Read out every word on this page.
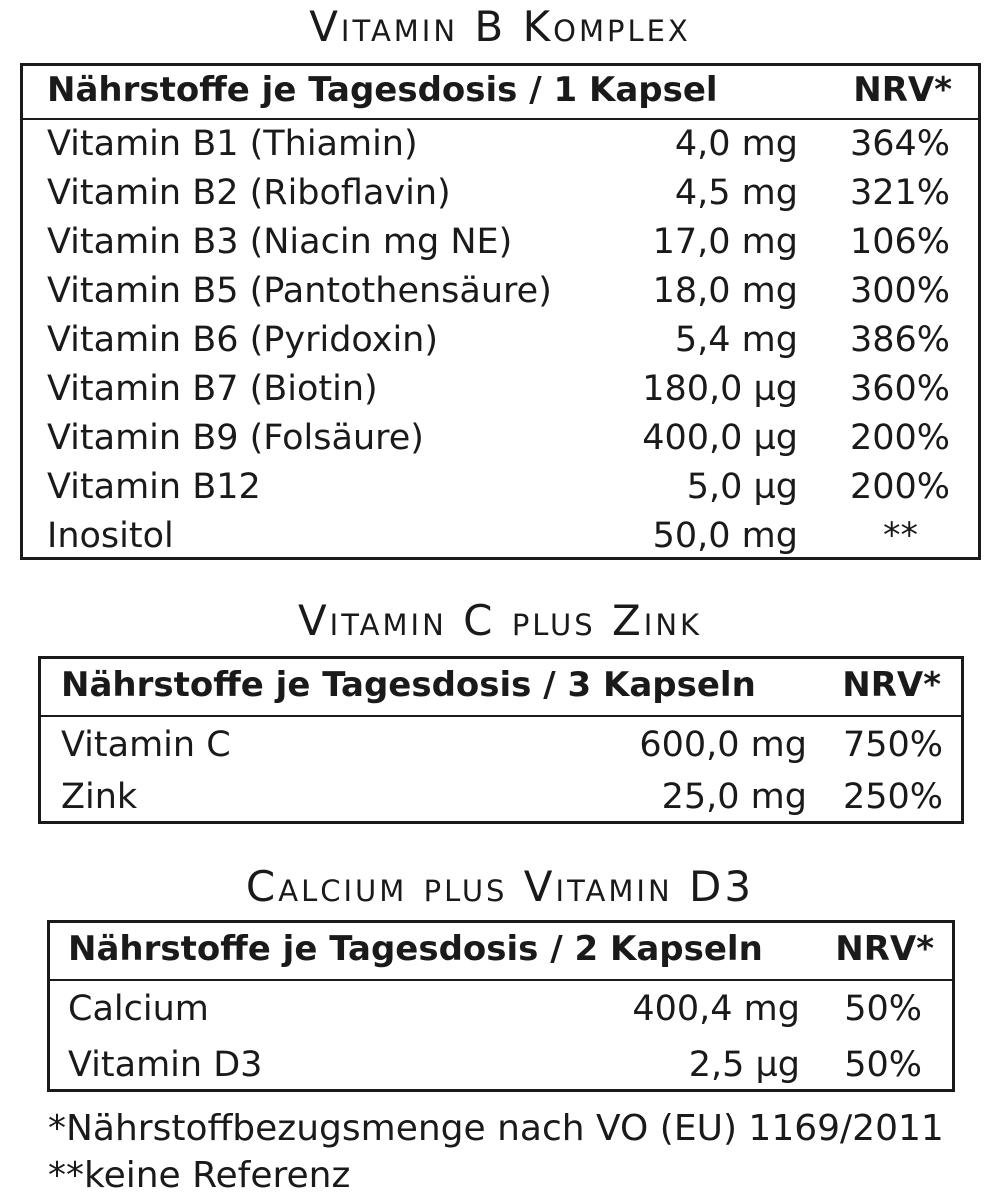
Vitamin B Komplex
Nährstoffe je Tagesdosis / 1 Kapsel	NRV*
Vitamin B1 (Thiamin)	4,0 mg 364%
Vitamin B2 (Riboflavin)	4,5 mg 321%
Vitamin B3 (Niacin mg NE)	17,0 mg 106%
Vitamin B5 (Pantothensäure)	18,0 mg 300%
Vitamin B6 (Pyridoxin)	5,4 mg 386%
Vitamin B7 (Biotin)	180,0 µg 360%
Vitamin B9 (Folsäure)	400,0 µg 200%
Vitamin B12	5,0 µg 200%
Inositol	50,0 mg **
Vitamin C plus Zink
Nährstoffe je Tagesdosis / 3 Kapseln	NRV*
Vitamin C	600,0 mg 750%
Zink	25,0 mg 250%
Calcium plus Vitamin D3
Nährstoffe je Tagesdosis / 2 Kapseln NRV*
Calcium	400,4 mg 50%
Vitamin D3	2,5 µg 50%
*Nährstoffbezugsmenge nach VO (EU) 1169/2011
**keine Referenz
